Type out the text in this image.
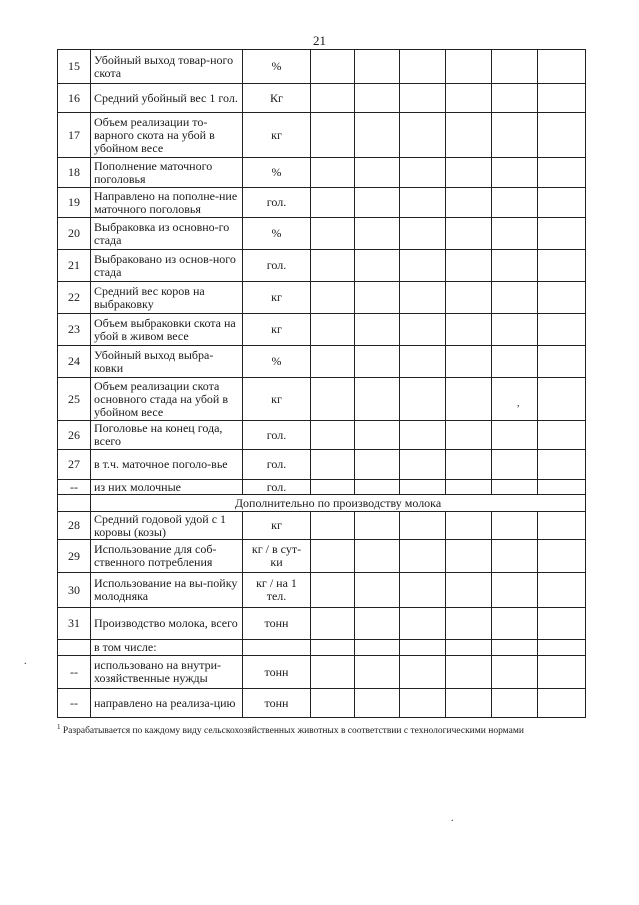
21
15	Убойный выход товар-ного скота	%						
16	Средний убойный вес 1 гол.	Кг						
17	Объем реализации то-варного скота на убой в убойном весе	кг						
18	Пополнение маточного поголовья	%						
19	Направлено на пополне-ние маточного поголовья	гол.						
20	Выбраковка из основно-го стада	%						
21	Выбраковано из основ-ного стада	гол.						
22	Средний вес коров на выбраковку	кг						
23	Объем выбраковки скота на убой в живом весе	кг						
24	Убойный выход выбра-ковки	%						
25	Объем реализации скота основного стада на убой в убойном весе	кг						
26	Поголовье на конец года, всего	гол.						
27	в т.ч. маточное поголо-вье	гол.						
--	из них молочные	гол.						
	Дополнительно по производству молока							
28	Средний годовой удой с 1 коровы (козы)	кг						
29	Использование для соб-ственного потребления	кг / в сут-ки						
30	Использование на вы-пойку молодняка	кг / на 1 тел.						
31	Производство молока, всего	тонн						
	в том числе:							
--	использовано на внутри-хозяйственные нужды	тонн						
--	направлено на реализа-цию	тонн						
$^1$ Разрабатывается по каждому виду сельскохозяйственных животных в соответствии с технологическими нормами
,
.
.
